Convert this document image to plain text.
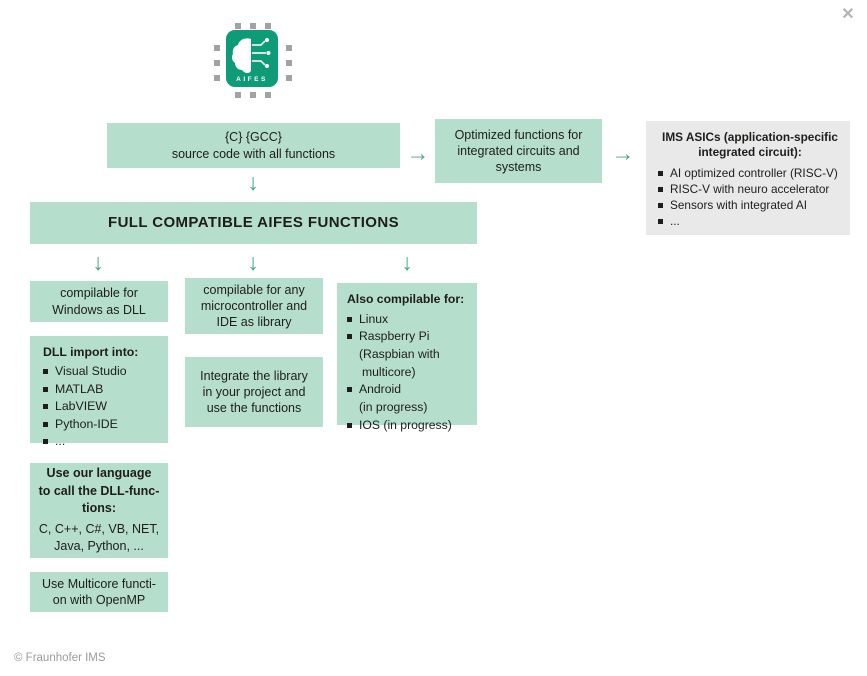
✕
AIFES
{C} {GCC}
source code with all functions	→
Optimized functions for
integrated circuits and
systems
→
IMS ASICs (application-specific
integrated circuit):
AI optimized controller (RISC-V)
RISC-V with neuro accelerator
Sensors with integrated AI
...
↓
FULL COMPATIBLE AIFES FUNCTIONS
↓	↓	↓
compilable for
Windows as DLL
DLL import into:
Visual Studio
MATLAB
LabVIEW
Python-IDE
...
Use our language
to call the DLL-func-
tions:
C, C++, C#, VB, NET,
Java, Python, ...
Use Multicore functi-
on with OpenMP
compilable for any
microcontroller and
IDE as library
Integrate the library
in your project and
use the functions
Also compilable for:
Linux
Raspberry Pi
(Raspbian with
multicore)
Android
(in progress)
IOS (in progress)
© Fraunhofer IMS
